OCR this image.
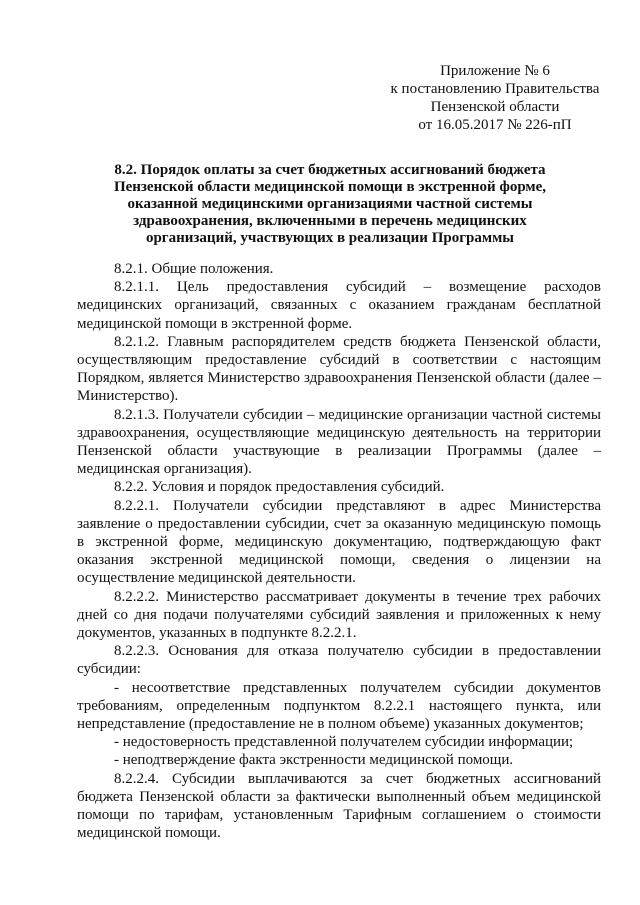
Приложение № 6
к постановлению Правительства
Пензенской области
от 16.05.2017 № 226-пП
8.2. Порядок оплаты за счет бюджетных ассигнований бюджета Пензенской области медицинской помощи в экстренной форме, оказанной медицинскими организациями частной системы здравоохранения, включенными в перечень медицинских организаций, участвующих в реализации Программы

8.2.1. Общие положения.

8.2.1.1. Цель предоставления субсидий – возмещение расходов медицинских организаций, связанных с оказанием гражданам бесплатной медицинской помощи в экстренной форме.

8.2.1.2. Главным распорядителем средств бюджета Пензенской области, осуществляющим предоставление субсидий в соответствии с настоящим Порядком, является Министерство здравоохранения Пензенской области (далее – Министерство).

8.2.1.3. Получатели субсидии – медицинские организации частной системы здравоохранения, осуществляющие медицинскую деятельность на территории Пензенской области участвующие в реализации Программы (далее – медицинская организация).

8.2.2. Условия и порядок предоставления субсидий.

8.2.2.1. Получатели субсидии представляют в адрес Министерства заявление о предоставлении субсидии, счет за оказанную медицинскую помощь в экстренной форме, медицинскую документацию, подтверждающую факт оказания экстренной медицинской помощи, сведения о лицензии на осуществление медицинской деятельности.

8.2.2.2. Министерство рассматривает документы в течение трех рабочих дней со дня подачи получателями субсидий заявления и приложенных к нему документов, указанных в подпункте 8.2.2.1.

8.2.2.3. Основания для отказа получателю субсидии в предоставлении субсидии:

- несоответствие представленных получателем субсидии документов требованиям, определенным подпунктом 8.2.2.1 настоящего пункта, или непредставление (предоставление не в полном объеме) указанных документов;

- недостоверность представленной получателем субсидии информации;

- неподтверждение факта экстренности медицинской помощи.

8.2.2.4. Субсидии выплачиваются за счет бюджетных ассигнований бюджета Пензенской области за фактически выполненный объем медицинской помощи по тарифам, установленным Тарифным соглашением о стоимости медицинской помощи.
